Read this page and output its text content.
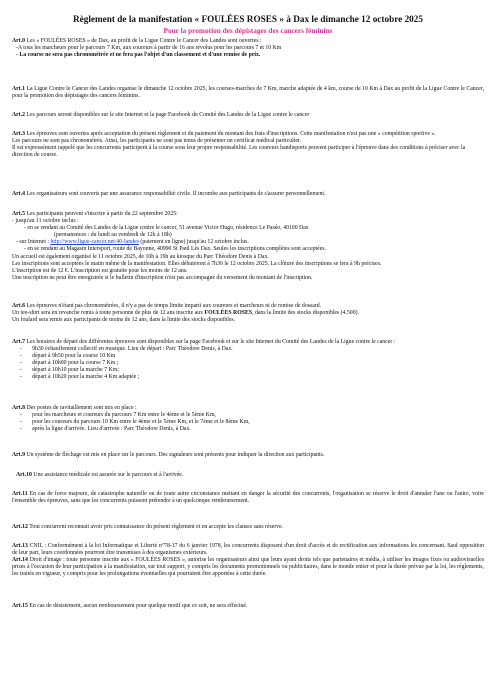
Règlement de la manifestation « FOULÉES ROSES » à Dax le dimanche 12 octobre 2025
Pour la promotion des dépistages des cancers féminins

Art.0 Les « FOULÉES ROSES » de Dax, au profit de la Ligue Contre le Cancer des Landes sont ouvertes :

-A tous les marcheurs pour le parcours 7 Km, aux coureurs à partir de 16 ans révolus pour les parcours 7 et 10 Km

- La course ne sera pas chronométrée et ne fera pas l'objet d'un classement et d'une remise de prix.

Art.1 La Ligue Contre le Cancer des Landes organise le dimanche 12 octobre 2025, les courses-marches de 7 Km, marche adaptée de 4 km, course de 10 Km à Dax au profit de la Ligue Contre le Cancer, pour la promotion des dépistages des cancers féminins.

Art.2 Les parcours seront disponibles sur le site Internet et la page Facebook du Comité des Landes de la Ligue contre le cancer

Art.3 Les épreuves sont ouvertes après acceptation du présent règlement et du paiement du montant des frais d'inscriptions. Cette manifestation n'est pas une « compétition sportive ».

Les parcours ne sont pas chronométrés. Ainsi, les participants ne sont pas tenus de présenter un certificat médical particulier.

Il est expressément rappelé que les concurrents participent à la course sous leur propre responsabilité. Les coureurs handisports peuvent participer à l'épreuve dans des conditions à préciser avec la direction de course.

Art.4 Les organisateurs sont couverts par une assurance responsabilité civile. Il incombe aux participants de s'assurer personnellement.

Art.5 Les participants peuvent s'inscrire à partir du 22 septembre 2025:

- jusqu'au 11 octobre inclus :

- en se rendant au Comité des Landes de la Ligue contre le cancer, 51 avenue Victor Hugo, résidence Le Paséo, 40100 Dax

(permanences : du lundi au vendredi de 12h à 18h)

- sur Internet : http://www.ligue-cancer.net/40-landes (paiement en ligne) jusqu'au 12 octobre inclus.

- en se rendant au Magasin Intersport, route de Bayonne, 40990 St Paul Lès Dax. Seules les inscriptions complètes sont acceptées.

Un accueil est également organisé le 11 octobre 2025, de 10h à 19h au kiosque du Parc Théodore Denis à Dax.

Les inscriptions sont acceptées le matin même de la manifestation. Elles débuteront à 7h30 le 12 octobre 2025. La clôture des inscriptions se fera à 9h précises.

L'inscription est de 12 €. L'inscription est gratuite pour les moins de 12 ans.

Une inscription ne peut être enregistrée si le bulletin d'inscription n'est pas accompagné du versement du montant de l'inscription.

Art.6 Les épreuves n'étant pas chronométrées, il n'y a pas de temps limite imparti aux coureurs et marcheurs ni de remise de dossard.

Un tee-shirt sera en revanche remis à toute personne de plus de 12 ans inscrite aux FOULÉES ROSES, dans la limite des stocks disponibles (4.500).

Un foulard sera remis aux participants de moins de 12 ans, dans la limite des stocks disponibles.

Art.7 Les horaires de départ des différentes épreuves sont disponibles sur la page Facebook et sur le site Internet du Comité des Landes de la Ligue contre le cancer :

-       9h30 échauffement collectif en musique. Lieu de départ : Parc Théodore Denis, à Dax.

-       départ à 9h50 pour la course 10 Km

-       départ à 10h00 pour la course 7 Km ;

-       départ à 10h10 pour la marche 7 Km;

-       départ à 10h20 pour la marche 4 Km adaptée ;

Art.8 Des postes de ravitaillement sont mis en place :

-       pour les marcheurs et coureurs du parcours 7 Km entre le 4ème et le 5ème Km,

-       pour les coureurs du parcours 10 Km entre le 4ème et le 5ème Km, et le 7ème et le 8ème Km,

-       après la ligne d'arrivée. Lieu d'arrivée : Parc Théodore Denis, à Dax.

Art.9 Un système de fléchage est mis en place sur le parcours. Des signaleurs sont présents pour indiquer la direction aux participants.

Art.10 Une assistance médicale est assurée sur le parcours et à l'arrivée.

Art.11 En cas de force majeure, de catastrophe naturelle ou de toute autre circonstance mettant en danger la sécurité des concurrents, l'organisation se réserve le droit d'annuler l'une ou l'autre, voire l'ensemble des épreuves, sans que les concurrents puissent prétendre à un quelconque remboursement.

Art.12 Tout concurrent reconnait avoir pris connaissance du présent règlement et en accepte les clauses sans réserve.

Art.13 CNIL : Conformément à la loi Informatique et Liberté n°78-17 du 6 janvier 1978, les concurrents disposent d'un droit d'accès et de rectification aux informations les concernant. Sauf opposition de leur part, leurs coordonnées pourront être transmises à des organismes extérieurs.

Art.14 Droit d'image : toute personne inscrite aux « FOULÉES ROSES », autorise les organisateurs ainsi que leurs ayant droits tels que partenaires et média, à utiliser les images fixes ou audiovisuelles prises à l'occasion de leur participation à la manifestation, sur tout support, y compris les documents promotionnels ou publicitaires, dans le monde entier et pour la durée prévue par la loi, les règlements, les traités en vigueur, y compris pour les prolongations éventuelles qui pourraient être apportées à cette durée.

Art.15 En cas de désistement, aucun remboursement pour quelque motif que ce soit, ne sera effectué.
